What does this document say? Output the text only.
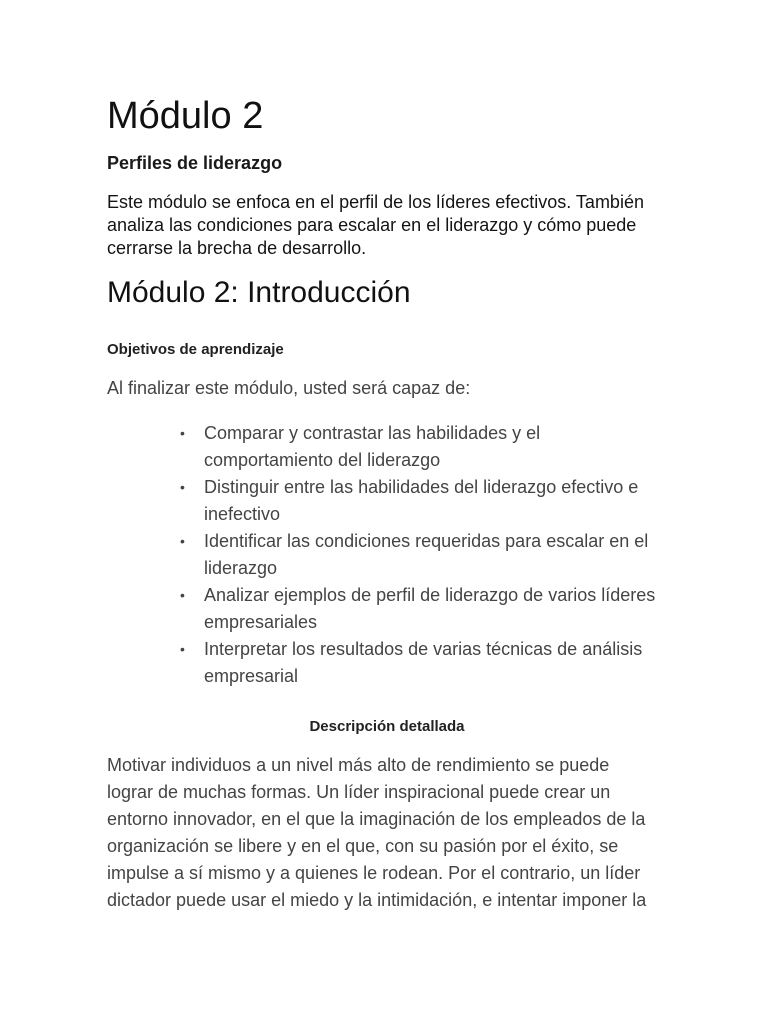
Módulo 2
Perfiles de liderazgo

Este módulo se enfoca en el perfil de los líderes efectivos. También analiza las condiciones para escalar en el liderazgo y cómo puede cerrarse la brecha de desarrollo.

Módulo 2: Introducción
Objetivos de aprendizaje

Al finalizar este módulo, usted será capaz de:

• Comparar y contrastar las habilidades y el comportamiento del liderazgo
• Distinguir entre las habilidades del liderazgo efectivo e inefectivo
• Identificar las condiciones requeridas para escalar en el liderazgo
• Analizar ejemplos de perfil de liderazgo de varios líderes empresariales
• Interpretar los resultados de varias técnicas de análisis empresarial
Descripción detallada

Motivar individuos a un nivel más alto de rendimiento se puede lograr de muchas formas. Un líder inspiracional puede crear un entorno innovador, en el que la imaginación de los empleados de la organización se libere y en el que, con su pasión por el éxito, se impulse a sí mismo y a quienes le rodean. Por el contrario, un líder dictador puede usar el miedo y la intimidación, e intentar imponer la
